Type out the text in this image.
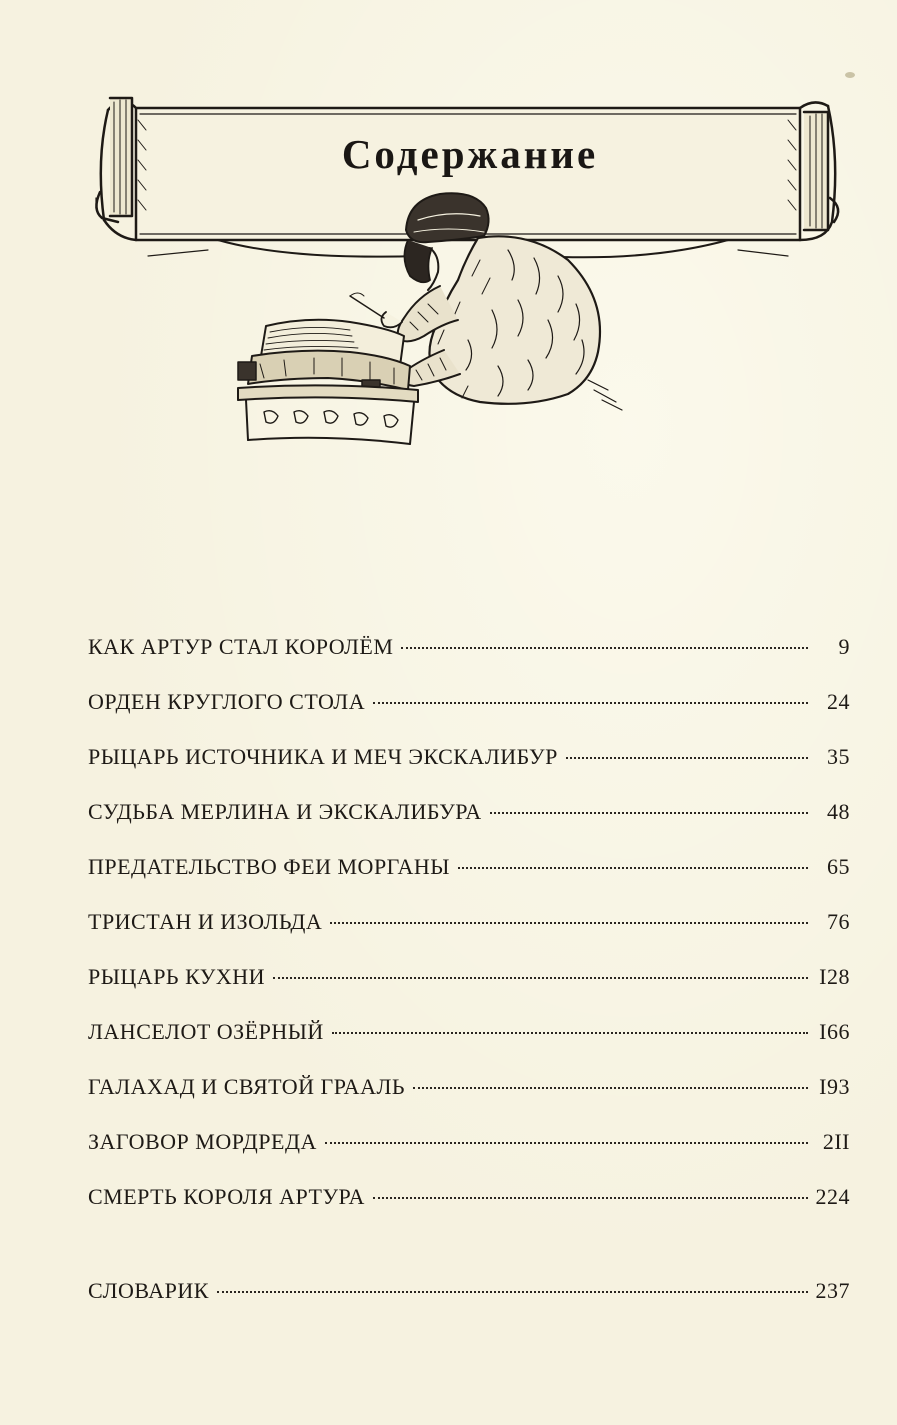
Содержание
КАК АРТУР СТАЛ КОРОЛЁМ	9
ОРДЕН КРУГЛОГО СТОЛА	24
РЫЦАРЬ ИСТОЧНИКА И МЕЧ ЭКСКАЛИБУР	35
СУДЬБА МЕРЛИНА И ЭКСКАЛИБУРА	48
ПРЕДАТЕЛЬСТВО ФЕИ МОРГАНЫ	65
ТРИСТАН И ИЗОЛЬДА	76
РЫЦАРЬ КУХНИ	I28
ЛАНСЕЛОТ ОЗЁРНЫЙ	I66
ГАЛАХАД И СВЯТОЙ ГРААЛЬ	I93
ЗАГОВОР МОРДРЕДА	2II
СМЕРТЬ КОРОЛЯ АРТУРА	224
СЛОВАРИК	237
